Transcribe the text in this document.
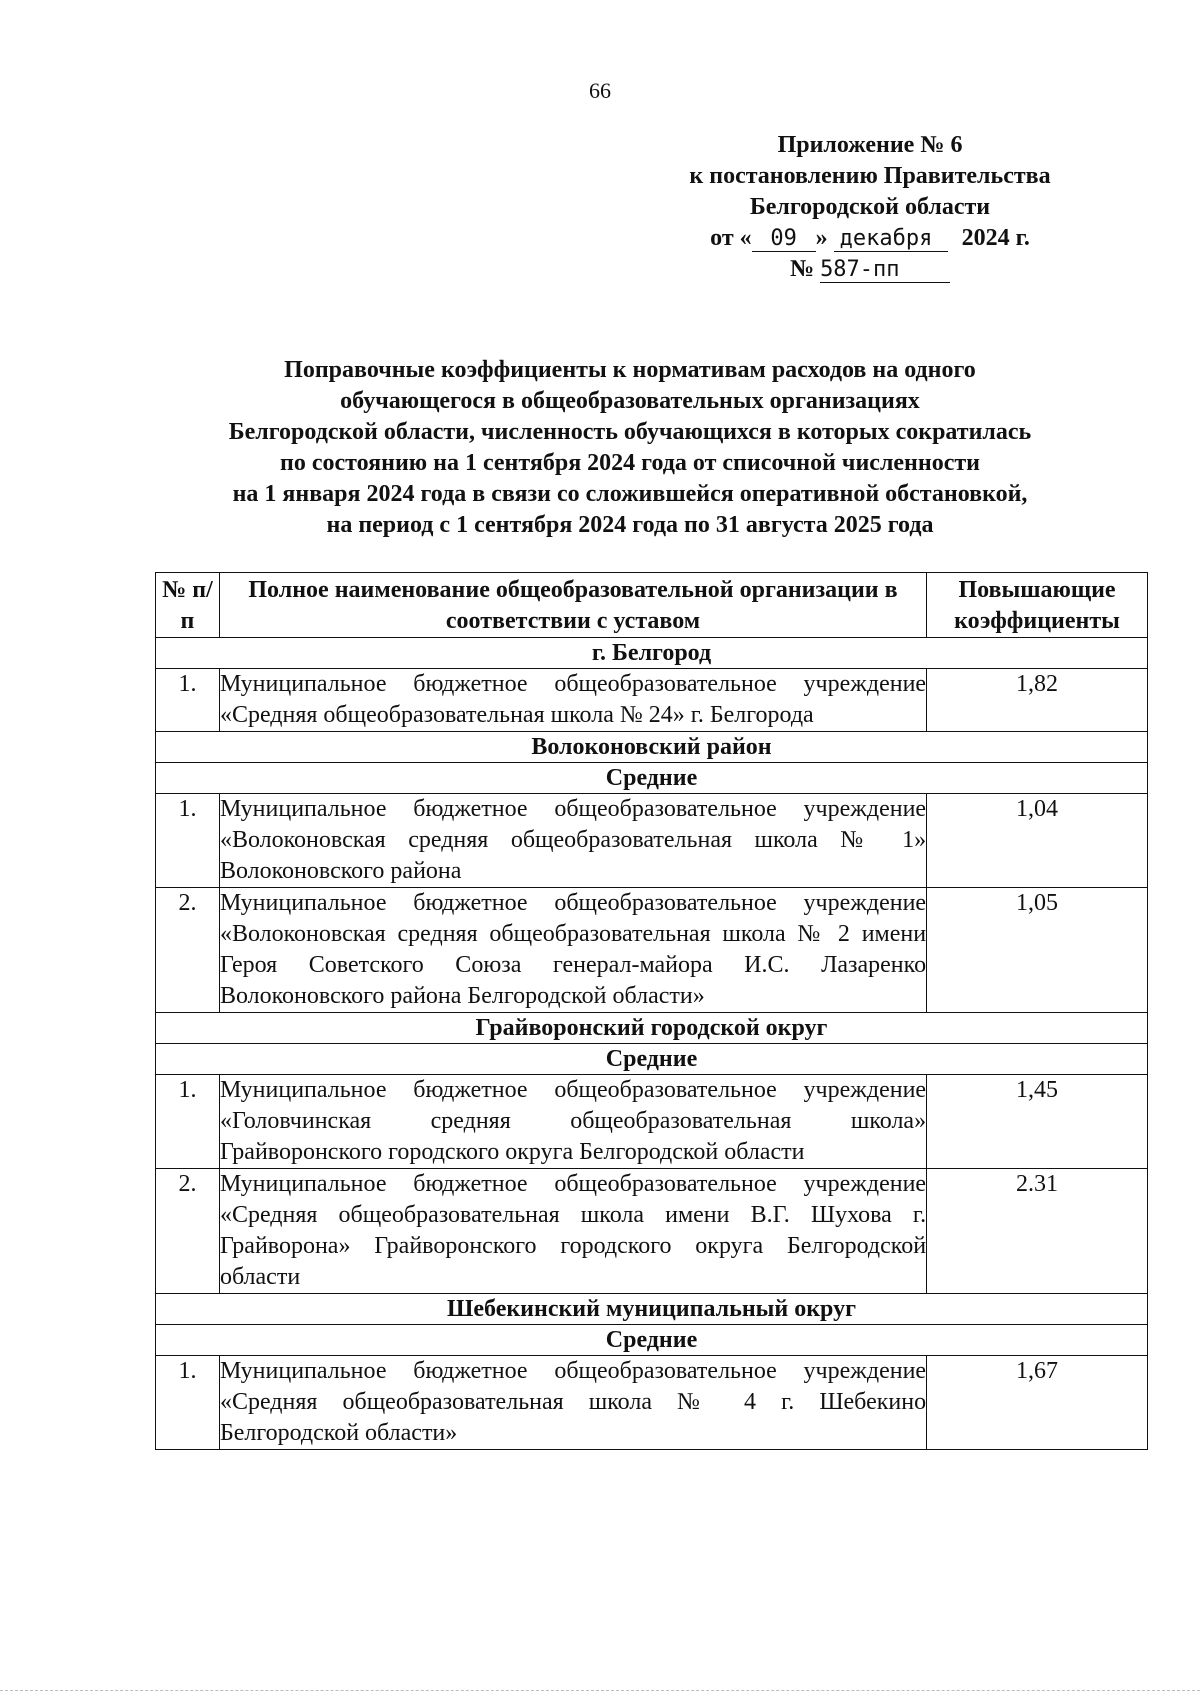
66
Приложение № 6
к постановлению Правительства
Белгородской области
от « 09 » декабря 2024 г.
№ 587-пп
Поправочные коэффициенты к нормативам расходов на одного
обучающегося в общеобразовательных организациях
Белгородской области, численность обучающихся в которых сократилась
по состоянию на 1 сентября 2024 года от списочной численности
на 1 января 2024 года в связи со сложившейся оперативной обстановкой,
на период с 1 сентября 2024 года по 31 августа 2025 года
№ п/п	Полное наименование общеобразовательной организации в соответствии с уставом	Повышающие коэффициенты
г. Белгород		
1.	Муниципальное бюджетное общеобразовательное учреждение «Средняя общеобразовательная школа № 24» г. Белгорода	1,82
Волоконовский район		
Средние		
1.	Муниципальное бюджетное общеобразовательное учреждение «Волоконовская средняя общеобразовательная школа № 1» Волоконовского района	1,04
2.	Муниципальное бюджетное общеобразовательное учреждение «Волоконовская средняя общеобразовательная школа № 2 имени Героя Советского Союза генерал-майора И.С. Лазаренко Волоконовского района Белгородской области»	1,05
Грайворонский городской округ		
Средние		
1.	Муниципальное бюджетное общеобразовательное учреждение «Головчинская средняя общеобразовательная школа» Грайворонского городского округа Белгородской области	1,45
2.	Муниципальное бюджетное общеобразовательное учреждение «Средняя общеобразовательная школа имени В.Г. Шухова г. Грайворона» Грайворонского городского округа Белгородской области	2.31
Шебекинский муниципальный округ		
Средние		
1.	Муниципальное бюджетное общеобразовательное учреждение «Средняя общеобразовательная школа № 4 г. Шебекино Белгородской области»	1,67
